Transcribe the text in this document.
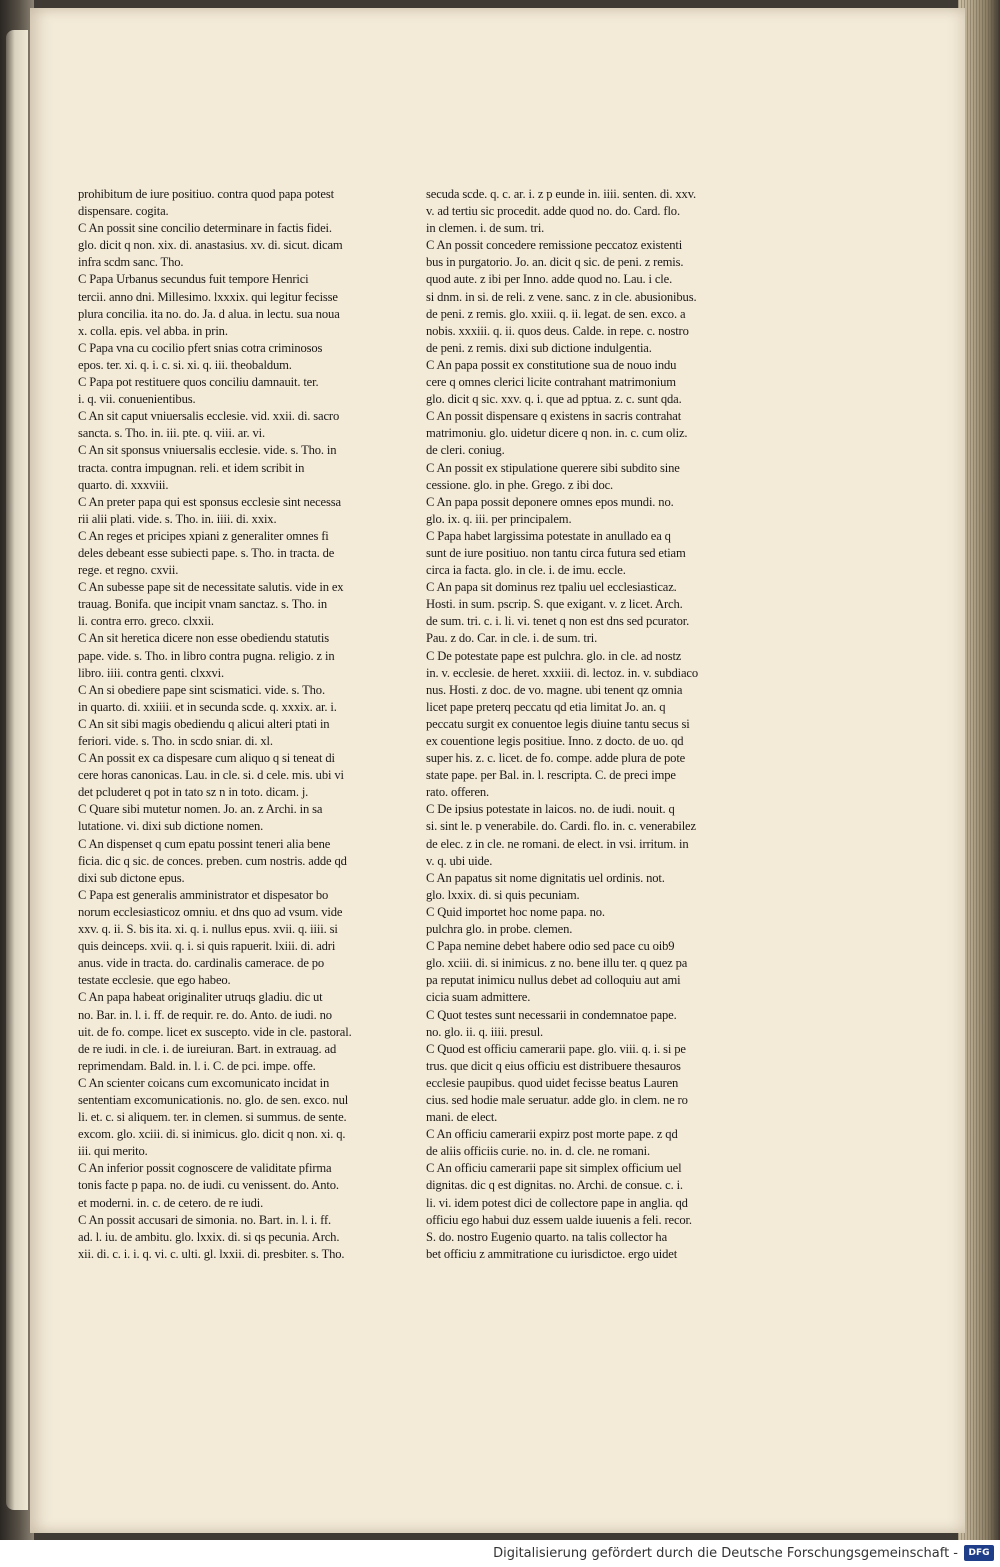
prohibitum de iure positiuo. contra quod papa potest
dispensare. cogita.
C An possit sine concilio determinare in factis fidei.
glo. dicit q non. xix. di. anastasius. xv. di. sicut. dicam
infra scdm sanc. Tho.
C Papa Urbanus secundus fuit tempore Henrici
tercii. anno dni. Millesimo. lxxxix. qui legitur fecisse
plura concilia. ita no. do. Ja. d alua. in lectu. sua noua
x. colla. epis. vel abba. in prin.
C Papa vna cu cocilio pfert snias cotra criminosos
epos. ter. xi. q. i. c. si. xi. q. iii. theobaldum.
C Papa pot restituere quos conciliu damnauit. ter.
i. q. vii. conuenientibus.
C An sit caput vniuersalis ecclesie. vid. xxii. di. sacro
sancta. s. Tho. in. iii. pte. q. viii. ar. vi.
C An sit sponsus vniuersalis ecclesie. vide. s. Tho. in
tracta. contra impugnan. reli. et idem scribit in
quarto. di. xxxviii.
C An preter papa qui est sponsus ecclesie sint necessa
rii alii plati. vide. s. Tho. in. iiii. di. xxix.
C An reges et pricipes xpiani z generaliter omnes fi
deles debeant esse subiecti pape. s. Tho. in tracta. de
rege. et regno. cxvii.
C An subesse pape sit de necessitate salutis. vide in ex
trauag. Bonifa. que incipit vnam sanctaz. s. Tho. in
li. contra erro. greco. clxxii.
C An sit heretica dicere non esse obediendu statutis
pape. vide. s. Tho. in libro contra pugna. religio. z in
libro. iiii. contra genti. clxxvi.
C An si obediere pape sint scismatici. vide. s. Tho.
in quarto. di. xxiiii. et in secunda scde. q. xxxix. ar. i.
C An sit sibi magis obediendu q alicui alteri ptati in
feriori. vide. s. Tho. in scdo sniar. di. xl.
C An possit ex ca dispesare cum aliquo q si teneat di
cere horas canonicas. Lau. in cle. si. d cele. mis. ubi vi
det pcluderet q pot in tato sz n in toto. dicam. j.
C Quare sibi mutetur nomen. Jo. an. z Archi. in sa
lutatione. vi. dixi sub dictione nomen.
C An dispenset q cum epatu possint teneri alia bene
ficia. dic q sic. de conces. preben. cum nostris. adde qd
dixi sub dictone epus.
C Papa est generalis amministrator et dispesator bo
norum ecclesiasticoz omniu. et dns quo ad vsum. vide
xxv. q. ii. S. bis ita. xi. q. i. nullus epus. xvii. q. iiii. si
quis deinceps. xvii. q. i. si quis rapuerit. lxiii. di. adri
anus. vide in tracta. do. cardinalis camerace. de po
testate ecclesie. que ego habeo.
C An papa habeat originaliter utruqs gladiu. dic ut
no. Bar. in. l. i. ff. de requir. re. do. Anto. de iudi. no
uit. de fo. compe. licet ex suscepto. vide in cle. pastoral.
de re iudi. in cle. i. de iureiuran. Bart. in extrauag. ad
reprimendam. Bald. in. l. i. C. de pci. impe. offe.
C An scienter coicans cum excomunicato incidat in
sententiam excomunicationis. no. glo. de sen. exco. nul
li. et. c. si aliquem. ter. in clemen. si summus. de sente.
excom. glo. xciii. di. si inimicus. glo. dicit q non. xi. q.
iii. qui merito.
C An inferior possit cognoscere de validitate pfirma
tonis facte p papa. no. de iudi. cu venissent. do. Anto.
et moderni. in. c. de cetero. de re iudi.
C An possit accusari de simonia. no. Bart. in. l. i. ff.
ad. l. iu. de ambitu. glo. lxxix. di. si qs pecunia. Arch.
xii. di. c. i. i. q. vi. c. ulti. gl. lxxii. di. presbiter. s. Tho.
secuda scde. q. c. ar. i. z p eunde in. iiii. senten. di. xxv.
v. ad tertiu sic procedit. adde quod no. do. Card. flo.
in clemen. i. de sum. tri.
C An possit concedere remissione peccatoz existenti
bus in purgatorio. Jo. an. dicit q sic. de peni. z remis.
quod aute. z ibi per Inno. adde quod no. Lau. i cle.
si dnm. in si. de reli. z vene. sanc. z in cle. abusionibus.
de peni. z remis. glo. xxiii. q. ii. legat. de sen. exco. a
nobis. xxxiii. q. ii. quos deus. Calde. in repe. c. nostro
de peni. z remis. dixi sub dictione indulgentia.
C An papa possit ex constitutione sua de nouo indu
cere q omnes clerici licite contrahant matrimonium
glo. dicit q sic. xxv. q. i. que ad pptua. z. c. sunt qda.
C An possit dispensare q existens in sacris contrahat
matrimoniu. glo. uidetur dicere q non. in. c. cum oliz.
de cleri. coniug.
C An possit ex stipulatione querere sibi subdito sine
cessione. glo. in phe. Grego. z ibi doc.
C An papa possit deponere omnes epos mundi. no.
glo. ix. q. iii. per principalem.
C Papa habet largissima potestate in anullado ea q
sunt de iure positiuo. non tantu circa futura sed etiam
circa ia facta. glo. in cle. i. de imu. eccle.
C An papa sit dominus rez tpaliu uel ecclesiasticaz.
Hosti. in sum. pscrip. S. que exigant. v. z licet. Arch.
de sum. tri. c. i. li. vi. tenet q non est dns sed pcurator.
Pau. z do. Car. in cle. i. de sum. tri.
C De potestate pape est pulchra. glo. in cle. ad nostz
in. v. ecclesie. de heret. xxxiii. di. lectoz. in. v. subdiaco
nus. Hosti. z doc. de vo. magne. ubi tenent qz omnia
licet pape preterq peccatu qd etia limitat Jo. an. q
peccatu surgit ex conuentoe legis diuine tantu secus si
ex couentione legis positiue. Inno. z docto. de uo. qd
super his. z. c. licet. de fo. compe. adde plura de pote
state pape. per Bal. in. l. rescripta. C. de preci impe
rato. offeren.
C De ipsius potestate in laicos. no. de iudi. nouit. q
si. sint le. p venerabile. do. Cardi. flo. in. c. venerabilez
de elec. z in cle. ne romani. de elect. in vsi. irritum. in
v. q. ubi uide.
C An papatus sit nome dignitatis uel ordinis. not.
glo. lxxix. di. si quis pecuniam.
C Quid importet hoc nome papa. no.
pulchra glo. in probe. clemen.
C Papa nemine debet habere odio sed pace cu oib9
glo. xciii. di. si inimicus. z no. bene illu ter. q quez pa
pa reputat inimicu nullus debet ad colloquiu aut ami
cicia suam admittere.
C Quot testes sunt necessarii in condemnatoe pape.
no. glo. ii. q. iiii. presul.
C Quod est officiu camerarii pape. glo. viii. q. i. si pe
trus. que dicit q eius officiu est distribuere thesauros
ecclesie paupibus. quod uidet fecisse beatus Lauren
cius. sed hodie male seruatur. adde glo. in clem. ne ro
mani. de elect.
C An officiu camerarii expirz post morte pape. z qd
de aliis officiis curie. no. in. d. cle. ne romani.
C An officiu camerarii pape sit simplex officium uel
dignitas. dic q est dignitas. no. Archi. de consue. c. i.
li. vi. idem potest dici de collectore pape in anglia. qd
officiu ego habui duz essem ualde iuuenis a feli. recor.
S. do. nostro Eugenio quarto. na talis collector ha
bet officiu z ammitratione cu iurisdictoe. ergo uidet
Digitalisierung gefördert durch die Deutsche Forschungsgemeinschaft -	DFG
